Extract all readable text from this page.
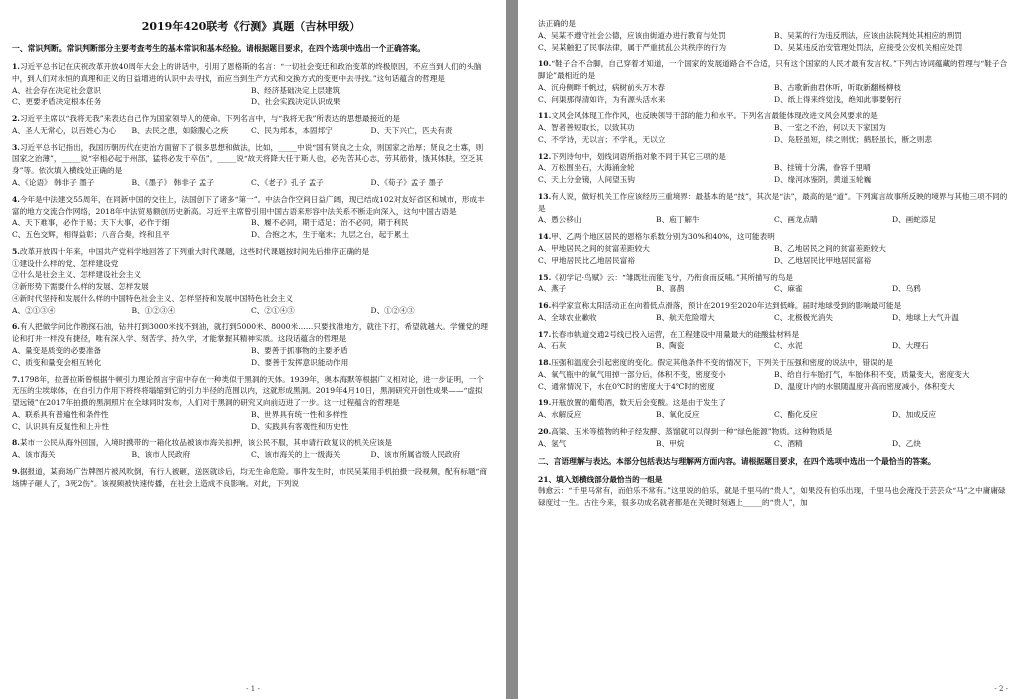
2019年420联考《行测》真题（吉林甲级）
一、常识判断。常识判断部分主要考查考生的基本常识和基本经验。请根据题目要求，在四个选项中选出一个正确答案。

1.习近平总书记在庆祝改革开放40周年大会上的讲话中，引用了恩格斯的名言：“一切社会变迁和政治变革的终极原因，不应当到人们的头脑中，到人们对永恒的真理和正义的日益增进的认识中去寻找，而应当到生产方式和交换方式的变更中去寻找。”这句话蕴含的哲理是

A、社会存在决定社会意识	B、经济基础决定上层建筑
C、更要矛盾决定根本任务	D、社会实践决定认识成果

2.习近平主席以“我将无我”来表达自己作为国家领导人的使命。下列名言中，与“我将无我”所表达的思想最接近的是

A、圣人无常心，以百姓心为心	B、去民之患，如除腹心之疾	C、民为邦本，本固邦宁	D、天下兴亡，匹夫有责

3.习近平总书记指出，我国历朝历代在吏治方面留下了很多思想和做法，比如，_____中说“国有贤良之士众，则国家之治厚；贤良之士寡，则国家之治薄”，_____说“宰相必起于州部，猛将必发于卒伍”，_____说“故天将降大任于斯人也，必先苦其心志，劳其筋骨，饿其体肤，空乏其身”等。依次填入横线处正确的是

A、《论语》 韩非子 墨子	B、《墨子》 韩非子 孟子	C、《老子》孔子 孟子	D、《荀子》孟子 墨子

4.今年是中法建交55周年，在同新中国的交往上，法国创下了诸多“第一”。中法合作空间日益广阔，现已结成102对友好省区和城市，形成丰富的地方交流合作网络，2018年中法贸易额创历史新高。习近平主席曾引用中国古语来形容中法关系不断走向深入，这句中国古语是

A、天下难事，必作于易；天下大事，必作于细	B、履不必同，期于适足；治不必同，期于利民
C、五色交辉，相得益彰；八音合奏，终和且平	D、合抱之木，生于毫末；九层之台，起于累土

5.改革开放四十年来，中国共产党科学地回答了下列重大时代课题，这些时代课题按时间先后排序正确的是

①建设什么样的党、怎样建设党
②什么是社会主义、怎样建设社会主义
③新形势下需要什么样的发展、怎样发展
④新时代坚持和发展什么样的中国特色社会主义、怎样坚持和发展中国特色社会主义
A、②①③④	B、①②③④	C、②①④③	D、①②④③

6.有人把做学问比作勘探石油，钻井打到3000米找不到油，就打到5000米、8000米……只要找准地方，就往下打，希望就越大。学懂党的理论和打井一样没有捷径，唯有深入学、刻苦学、持久学，才能掌握其精神实质。这段话蕴含的哲理是

A、量变是质变的必要准备	B、要善于抓事物的主要矛盾
C、质变和量变会相互转化	D、要善于发挥意识能动作用

7.1798年，拉普拉斯曾根据牛顿引力理论预言宇宙中存在一种类似于黑洞的天体。1939年，奥本海默等根据广义相对论，进一步证明，一个无压的尘埃球体，在自引力作用下将终将塌缩到它的引力半径的范围以内，这就形成黑洞。2019年4月10日，黑洞研究开创性成果——“虚拟望远镜”在2017年拍摄的黑洞照片在全球同时发布，人们对于黑洞的研究又向前迈进了一步。这一过程蕴含的哲理是

A、联系具有普遍性和条件性	B、世界具有统一性和多样性
C、认识具有反复性和上升性	D、实践具有客观性和历史性

8.某市一公民从海外回国，入境时携带的一箱化妆品被该市海关扣押，该公民不服，其申请行政复议的机关应该是

A、该市海关	B、该市人民政府	C、该市海关的上一级海关	D、该市所属省级人民政府

9.据报道，某商场广告牌图片被风吹倒，有行人被砸，送医就诊后，均无生命危险。事件发生时，市民吴某用手机拍摄一段视频，配有标题“商场牌子砸人了，3死2伤”。该视频被快速传播，在社会上造成不良影响。对此，下列说

- 1 -

法正确的是

A、吴某不遵守社会公德，应该由街道办进行教育与处罚	B、吴某的行为违反刑法，应该由法院判处其相应的刑罚
C、吴某触犯了民事法律，属于严重扰乱公共秩序的行为	D、吴某违反治安管理处罚法，应接受公安机关相应处罚

10.“鞋子合不合脚，自己穿着才知道，一个国家的发展道路合不合适，只有这个国家的人民才最有发言权。”下列古诗词蕴藏的哲理与“鞋子合脚论”最相近的是

A、沉舟侧畔千帆过，病树前头万木春	B、古歌新曲君休听，听取新翻杨柳枝
C、问渠那得清如许，为有源头活水来	D、纸上得来终觉浅，绝知此事要躬行

11.文风会风体现工作作风，也反映领导干部的能力和水平。下列名言最能体现改进文风会风要求的是

A、智者善短取长，以致其功	B、一室之不治，何以天下家国为
C、不学诗，无以言；不学礼，无以立	D、凫胫虽短，续之则忧；鹤胫虽长，断之则悲

12.下列诗句中，划线词语所指对象不同于其它三项的是

A、万松围坐石，大海涌金轮	B、挂镜十分满，眷容千里晴
C、天上分金镜，人间望玉钩	D、缘河冰鉴阴，黄道玉轮巍

13.有人说，做好机关工作应该经历三重境界：最基本的是“技”，其次是“法”，最高的是“道”。下列寓言故事所反映的境界与其他三项不同的是

A、愚公移山	B、庖丁解牛	C、画龙点睛	D、画蛇添足

14.甲、乙两个地区居民的恩格尔系数分别为30%和40%，这可能表明

A、甲地居民之间的贫富差距较大	B、乙地居民之间的贫富差距较大
C、甲地居民比乙地居民富裕	D、乙地居民比甲地居民富裕

15.《初学记·鸟赋》云：“雏既壮而能飞兮，乃衔食而反哺。”其所描写的鸟是

A、燕子	B、喜鹊	C、麻雀	D、乌鸦

16.科学家宣称太阳活动正在向着低点滑落，预计在2019至2020年达到低峰。届时地球受到的影响最可能是

A、全球农业歉收	B、航天危险增大	C、北极极光消失	D、地球上大气升温

17.长春市轨道交通2号线已投入运营，在工程建设中用量最大的硅酸盐材料是

A、石灰	B、陶瓷	C、水泥	D、大理石

18.压强和温度会引起密度的变化。假定其他条件不变的情况下，下列关于压强和密度的说法中，错误的是

A、氧气瓶中的氧气用掉一部分后，体积不变，密度变小	B、给自行车胎打气，车胎体积不变，质量变大，密度变大
C、通常情况下，水在0℃时的密度大于4℃时的密度	D、温度计内的水银随温度升高而密度减小，体积变大

19.开瓶放置的葡萄酒，数天后会变酸。这是由于发生了

A、水解反应	B、氧化反应	C、酯化反应	D、加成反应

20.高粱、玉米等植物的种子经发酵、蒸馏就可以得到一种“绿色能源”物质。这种物质是

A、氢气	B、甲烷	C、酒精	D、乙炔
二、言语理解与表达。本部分包括表达与理解两方面内容。请根据题目要求，在四个选项中选出一个最恰当的答案。

21、填入划横线部分最恰当的一组是

韩愈云：“千里马常有，而伯乐不常有。”这里说的伯乐，就是千里马的“贵人”，如果没有伯乐出现，千里马也会淹没于芸芸众“马”之中庸庸碌碌度过一生。古往今来，很多功成名就者都是在关键时刻遇上_____的“贵人”，加

- 2 -
